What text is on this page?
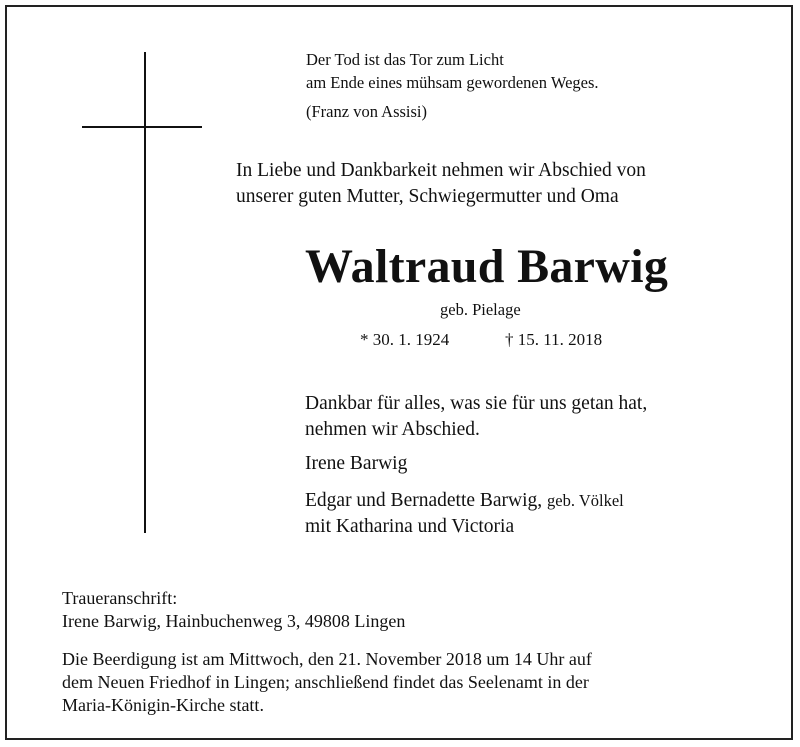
Der Tod ist das Tor zum Licht
am Ende eines mühsam gewordenen Weges.
(Franz von Assisi)
In Liebe und Dankbarkeit nehmen wir Abschied von
unserer guten Mutter, Schwiegermutter und Oma
Waltraud Barwig
geb. Pielage
* 30. 1. 1924	† 15. 11. 2018
Dankbar für alles, was sie für uns getan hat,
nehmen wir Abschied.
Irene Barwig
Edgar und Bernadette Barwig, geb. Völkel
mit Katharina und Victoria
Traueranschrift:
Irene Barwig, Hainbuchenweg 3, 49808 Lingen
Die Beerdigung ist am Mittwoch, den 21. November 2018 um 14 Uhr auf
dem Neuen Friedhof in Lingen; anschließend findet das Seelenamt in der
Maria-Königin-Kirche statt.
